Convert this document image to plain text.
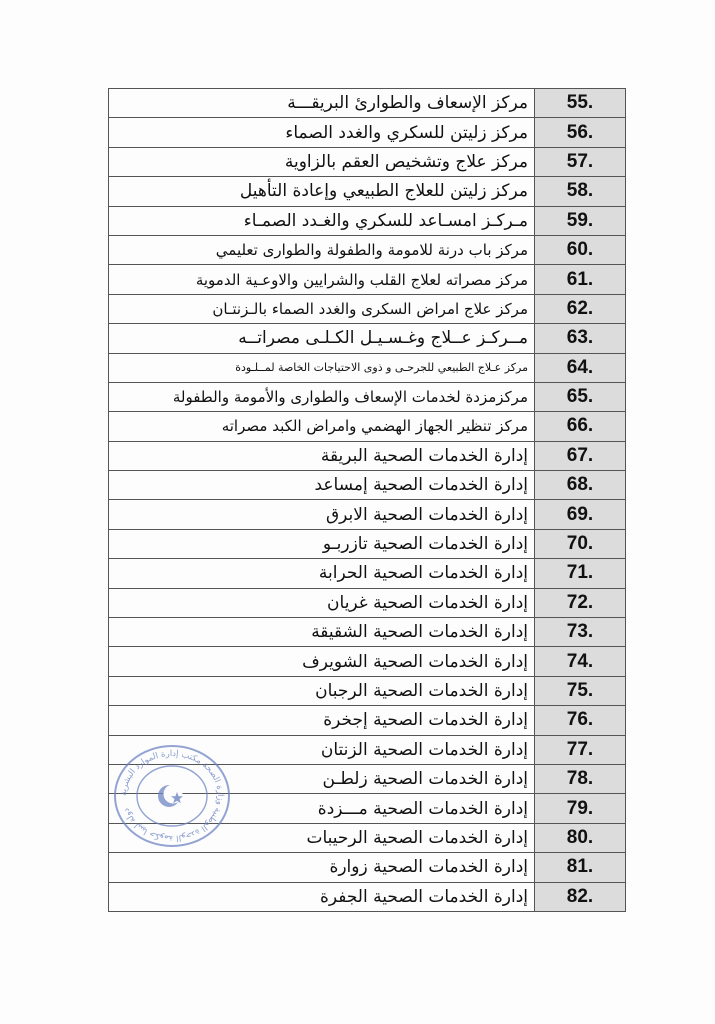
55.	مركز الإسعاف والطوارئ البريقـــة
56.	مركز زليتن للسكري والغدد الصماء
57.	مركز علاج وتشخيص العقم بالزاوية
58.	مركز زليتن للعلاج الطبيعي وإعادة التأهيل
59.	مـركـز امسـاعد للسكري والغـدد الصمـاء
60.	مركز باب درنة للامومة والطفولة والطوارى تعليمي
61.	مركز مصراته لعلاج القلب والشرايين والاوعـية الدموية
62.	مركز علاج امراض السكرى والغدد الصماء بالـزنتـان
63.	مــركـز عــلاج وغـسـيـل الكـلـى مصراتــه
64.	مركز عـلاج الطبيعي للجرحـى و ذوى الاحتياجات الخاصة لمــلـودة
65.	مركزمزدة لخدمات الإسعاف والطوارى والأمومة والطفولة
66.	مركز تنظير الجهاز الهضمي وامراض الكبد مصراته
67.	إدارة الخدمات الصحية البريقة
68.	إدارة الخدمات الصحية إمساعد
69.	إدارة الخدمات الصحية الابرق
70.	إدارة الخدمات الصحية تازربـو
71.	إدارة الخدمات الصحية الحرابة
72.	إدارة الخدمات الصحية غريان
73.	إدارة الخدمات الصحية الشقيقة
74.	إدارة الخدمات الصحية الشويرف
75.	إدارة الخدمات الصحية الرجبان
76.	إدارة الخدمات الصحية إجخرة
77.	إدارة الخدمات الصحية الزنتان
78.	إدارة الخدمات الصحية زلطـن
79.	إدارة الخدمات الصحية مـــزدة
80.	إدارة الخدمات الصحية الرحيبات
81.	إدارة الخدمات الصحية زوارة
82.	إدارة الخدمات الصحية الجفرة
دولة ليبيا حكومة الوحدة الوطنية وزارة الصحة مكتب إدارة الموارد البشرية
